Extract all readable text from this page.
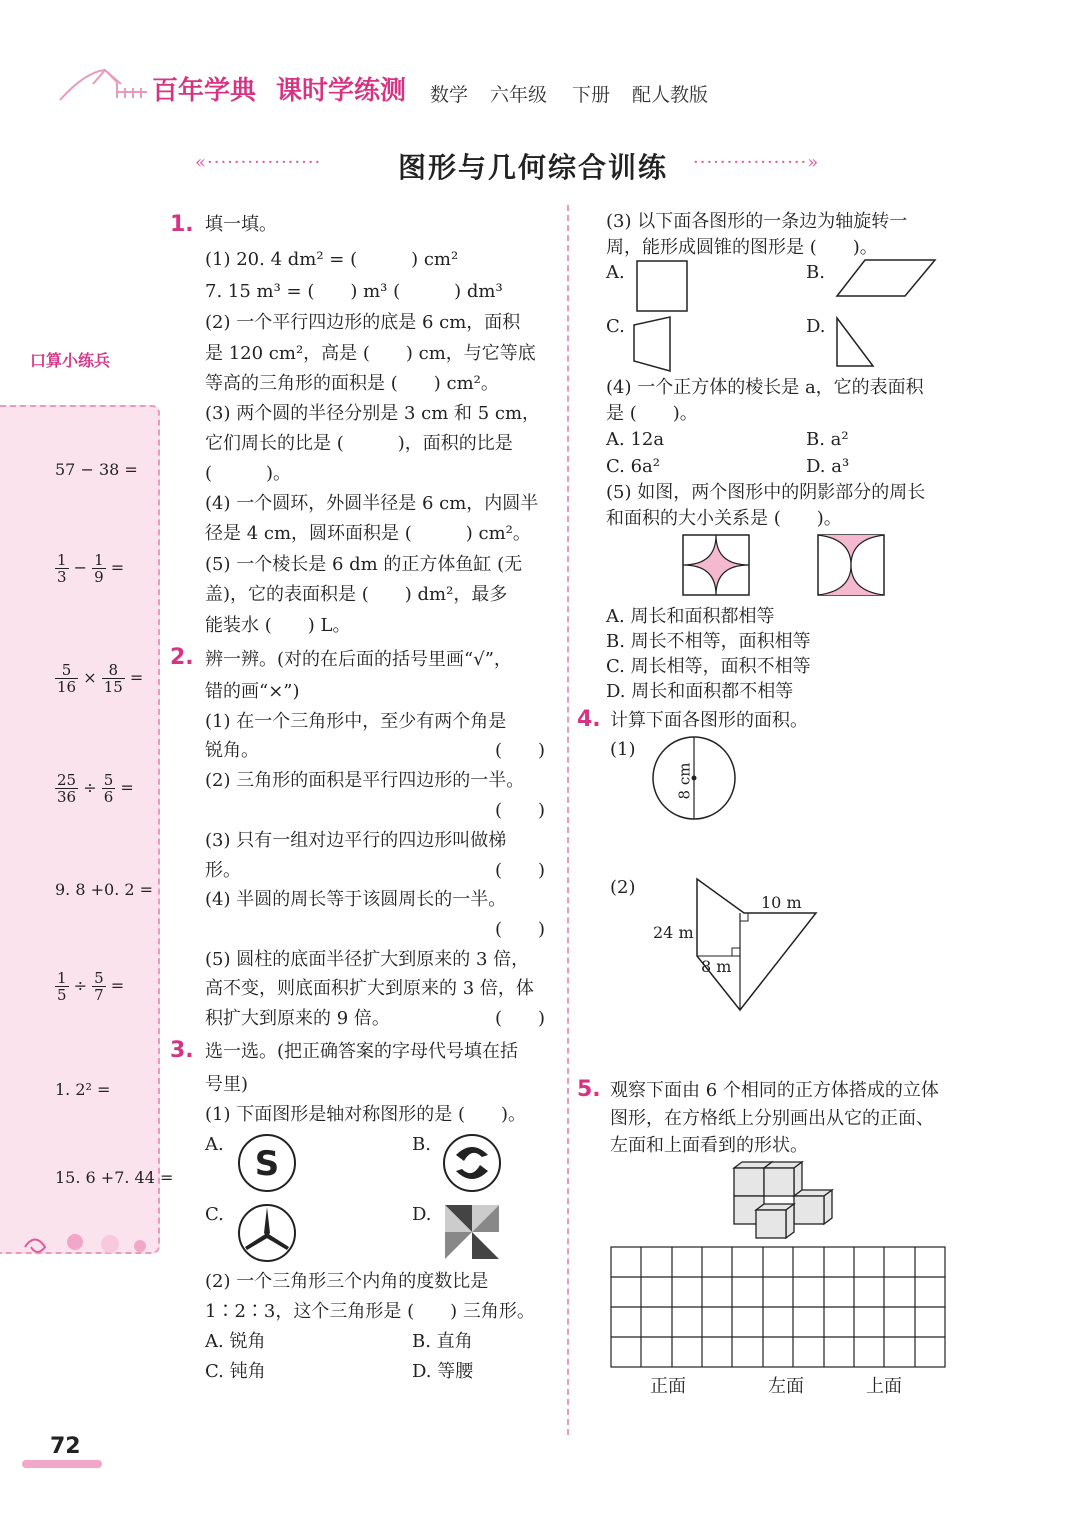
百年学典 课时学练测 数学 六年级 下册 配人教版
«·················	图形与几何综合训练 ·················»
口算小练兵
57 − 38 =
$\frac{1}{3} - \frac{1}{9}$ =
$\frac{5}{16} \times \frac{8}{15}$ =
$\frac{25}{36} \div \frac{5}{6}$ =
9. 8 +0. 2 =
$\frac{1}{5} \div \frac{5}{7}$ =
1. 2² =
15. 6 +7. 44 =
1. 填一填。
(1) 20. 4 dm² = (　　　) cm²
7. 15 m³ = (　　) m³ (　　　) dm³
(2) 一个平行四边形的底是 6 cm，面积
是 120 cm²，高是 (　　) cm，与它等底
等高的三角形的面积是 (　　) cm²。
(3) 两个圆的半径分别是 3 cm 和 5 cm，
它们周长的比是 (　　　)，面积的比是
(　　　)。
(4) 一个圆环，外圆半径是 6 cm，内圆半
径是 4 cm，圆环面积是 (　　　) cm²。
(5) 一个棱长是 6 dm 的正方体鱼缸 (无
盖)，它的表面积是 (　　) dm²，最多
能装水 (　　) L。
2. 辨一辨。(对的在后面的括号里画“√”，
错的画“×”)
(1) 在一个三角形中，至少有两个角是
锐角。	(　　)
(2) 三角形的面积是平行四边形的一半。
(　　)
(3) 只有一组对边平行的四边形叫做梯
形。	(　　)
(4) 半圆的周长等于该圆周长的一半。
(　　)
(5) 圆柱的底面半径扩大到原来的 3 倍，
高不变，则底面积扩大到原来的 3 倍，体
积扩大到原来的 9 倍。	(　　)
3. 选一选。(把正确答案的字母代号填在括
号里)
(1) 下面图形是轴对称图形的是 (　　)。
A. S	B.
C.	D.
(2) 一个三角形三个内角的度数比是
1∶2∶3，这个三角形是 (　　) 三角形。
A. 锐角	B. 直角
C. 钝角	D. 等腰
(3) 以下面各图形的一条边为轴旋转一
周，能形成圆锥的图形是 (　　)。
A.	B.
C.	D.
(4) 一个正方体的棱长是 a，它的表面积
是 (　　)。
A. 12a	B. a²
C. 6a²	D. a³
(5) 如图，两个图形中的阴影部分的周长
和面积的大小关系是 (　　)。
A. 周长和面积都相等
B. 周长不相等，面积相等
C. 周长相等，面积不相等
D. 周长和面积都不相等
4. 计算下面各图形的面积。
(1)
8 cm
(2)
10 m
24 m
8 m
5. 观察下面由 6 个相同的正方体搭成的立体
图形，在方格纸上分别画出从它的正面、
左面和上面看到的形状。
正面	左面	上面
72
